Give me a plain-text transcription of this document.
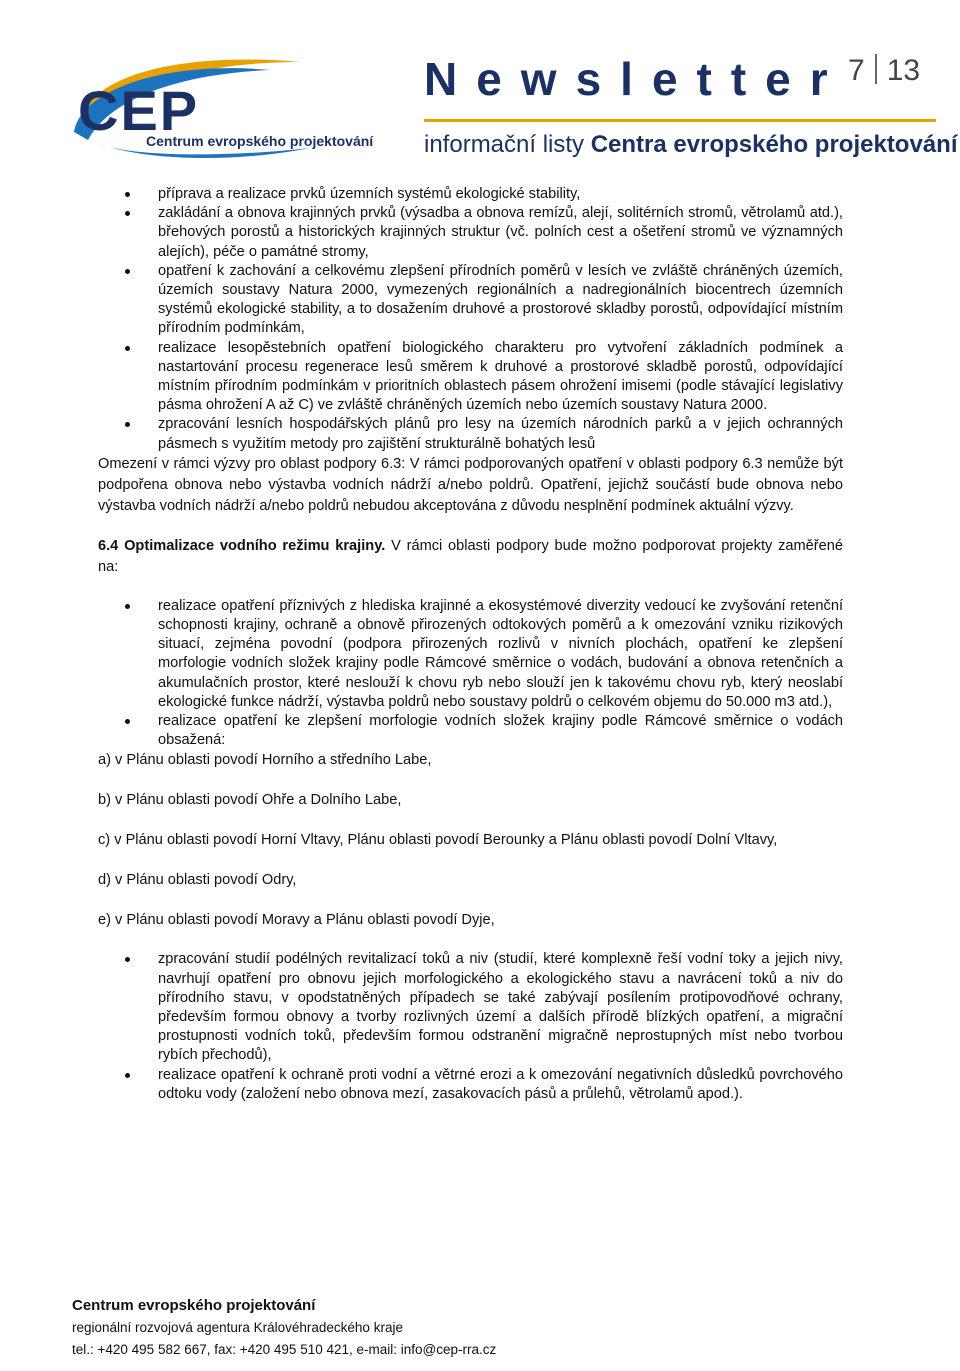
CEP
Centrum evropského projektování
Newsletter
informační listy Centra evropského projektování
7 13
příprava a realizace prvků územních systémů ekologické stability,
zakládání a obnova krajinných prvků (výsadba a obnova remízů, alejí, solitérních stromů, větrolamů atd.), břehových porostů a historických krajinných struktur (vč. polních cest a ošetření stromů ve významných alejích), péče o památné stromy,
opatření k zachování a celkovému zlepšení přírodních poměrů v lesích ve zvláště chráněných územích, územích soustavy Natura 2000, vymezených regionálních a nadregionálních biocentrech územních systémů ekologické stability, a to dosažením druhové a prostorové skladby porostů, odpovídající místním přírodním podmínkám,
realizace lesopěstebních opatření biologického charakteru pro vytvoření základních podmínek a nastartování procesu regenerace lesů směrem k druhové a prostorové skladbě porostů, odpovídající místním přírodním podmínkám v prioritních oblastech pásem ohrožení imisemi (podle stávající legislativy pásma ohrožení A až C) ve zvláště chráněných územích nebo územích soustavy Natura 2000.
zpracování lesních hospodářských plánů pro lesy na územích národních parků a v jejich ochranných pásmech s využitím metody pro zajištění strukturálně bohatých lesů

Omezení v rámci výzvy pro oblast podpory 6.3: V rámci podporovaných opatření v oblasti podpory 6.3 nemůže být podpořena obnova nebo výstavba vodních nádrží a/nebo poldrů. Opatření, jejichž součástí bude obnova nebo výstavba vodních nádrží a/nebo poldrů nebudou akceptována z důvodu nesplnění podmínek aktuální výzvy.

6.4 Optimalizace vodního režimu krajiny. V rámci oblasti podpory bude možno podporovat projekty zaměřené na:

realizace opatření příznivých z hlediska krajinné a ekosystémové diverzity vedoucí ke zvyšování retenční schopnosti krajiny, ochraně a obnově přirozených odtokových poměrů a k omezování vzniku rizikových situací, zejména povodní (podpora přirozených rozlivů v nivních plochách, opatření ke zlepšení morfologie vodních složek krajiny podle Rámcové směrnice o vodách, budování a obnova retenčních a akumulačních prostor, které neslouží k chovu ryb nebo slouží jen k takovému chovu ryb, který neoslabí ekologické funkce nádrží, výstavba poldrů nebo soustavy poldrů o celkovém objemu do 50.000 m3 atd.),
realizace opatření ke zlepšení morfologie vodních složek krajiny podle Rámcové směrnice o vodách obsažená:

a) v Plánu oblasti povodí Horního a středního Labe,

b) v Plánu oblasti povodí Ohře a Dolního Labe,

c) v Plánu oblasti povodí Horní Vltavy, Plánu oblasti povodí Berounky a Plánu oblasti povodí Dolní Vltavy,

d) v Plánu oblasti povodí Odry,

e) v Plánu oblasti povodí Moravy a Plánu oblasti povodí Dyje,

zpracování studií podélných revitalizací toků a niv (studií, které komplexně řeší vodní toky a jejich nivy, navrhují opatření pro obnovu jejich morfologického a ekologického stavu a navrácení toků a niv do přírodního stavu, v opodstatněných případech se také zabývají posílením protipovodňové ochrany, především formou obnovy a tvorby rozlivných území a dalších přírodě blízkých opatření, a migrační prostupnosti vodních toků, především formou odstranění migračně neprostupných míst nebo tvorbou rybích přechodů),
realizace opatření k ochraně proti vodní a větrné erozi a k omezování negativních důsledků povrchového odtoku vody (založení nebo obnova mezí, zasakovacích pásů a průlehů, větrolamů apod.).
Centrum evropského projektování
regionální rozvojová agentura Královéhradeckého kraje
tel.: +420 495 582 667, fax: +420 495 510 421, e-mail: info@cep-rra.cz
